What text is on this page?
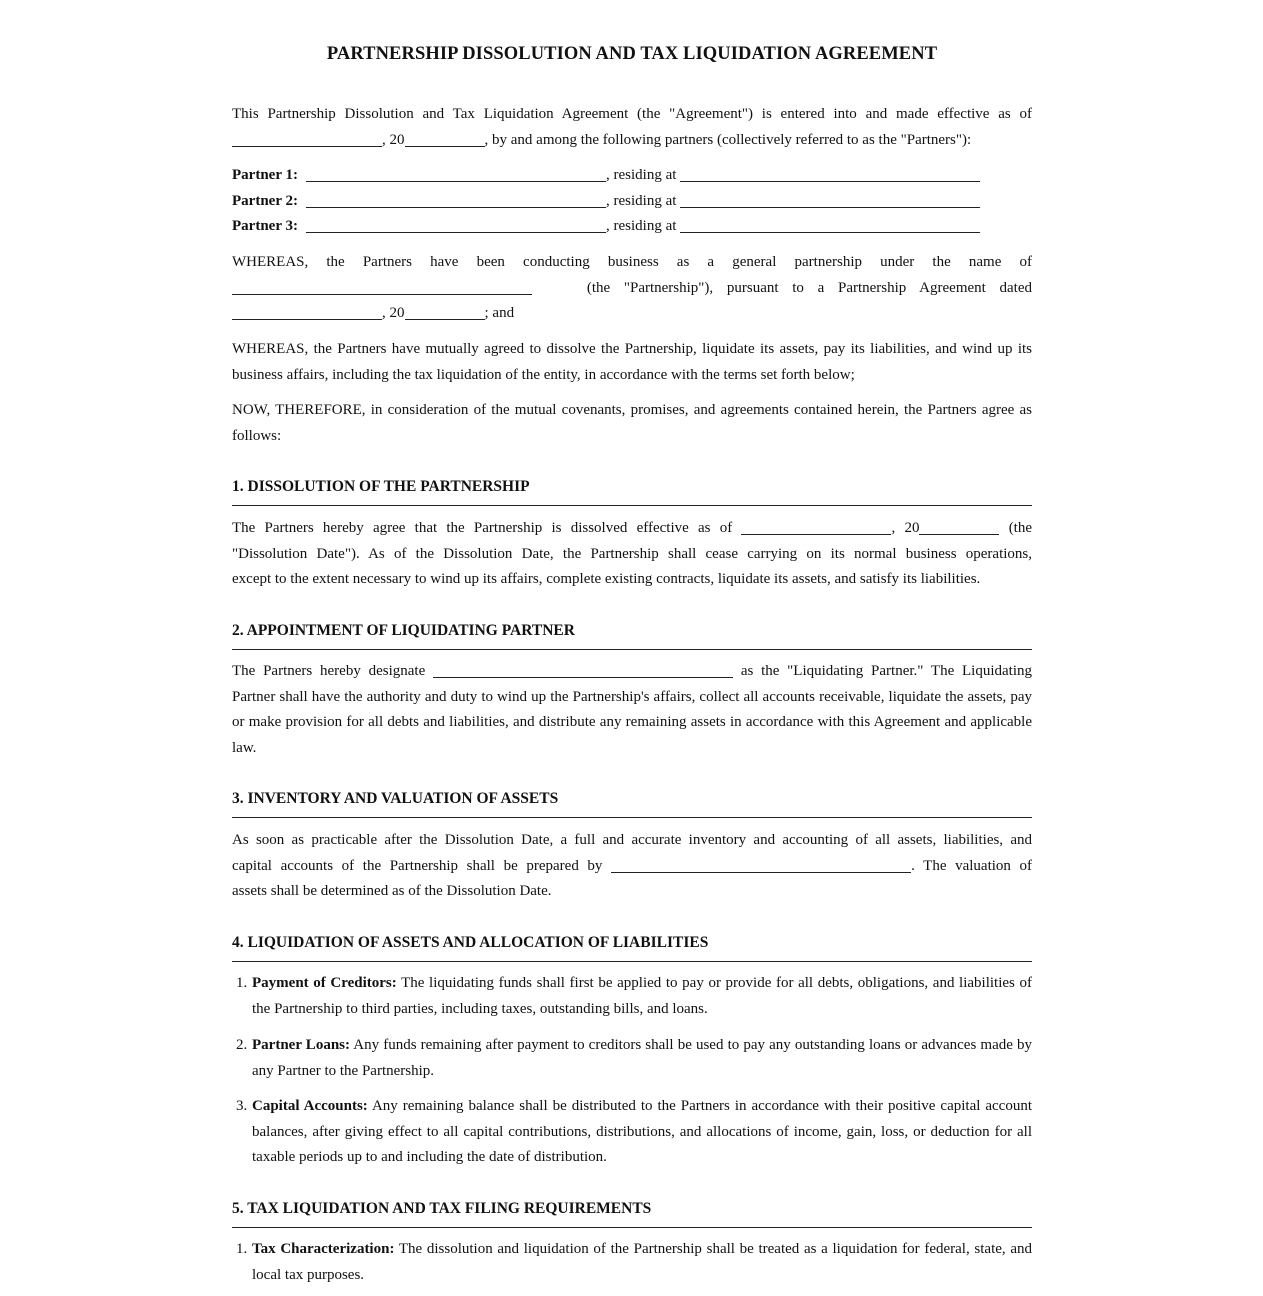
PARTNERSHIP DISSOLUTION AND TAX LIQUIDATION AGREEMENT
This Partnership Dissolution and Tax Liquidation Agreement (the "Agreement") is entered into and made effective as of
, 20	, by and among the following partners (collectively referred to as the "Partners"):
Partner 1:	, residing at
Partner 2:	, residing at
Partner 3:	, residing at
WHEREAS, the Partners have been conducting business as a general partnership under the name of
(the "Partnership"), pursuant to a Partnership Agreement dated
, 20	; and
WHEREAS, the Partners have mutually agreed to dissolve the Partnership, liquidate its assets, pay its liabilities, and wind up its business affairs, including the tax liquidation of the entity, in accordance with the terms set forth below;
NOW, THEREFORE, in consideration of the mutual covenants, promises, and agreements contained herein, the Partners agree as follows:
1. DISSOLUTION OF THE PARTNERSHIP
The Partners hereby agree that the Partnership is dissolved effective as of	, 20	(the
"Dissolution Date"). As of the Dissolution Date, the Partnership shall cease carrying on its normal business operations,
except to the extent necessary to wind up its affairs, complete existing contracts, liquidate its assets, and satisfy its liabilities.
2. APPOINTMENT OF LIQUIDATING PARTNER
The Partners hereby designate	as the "Liquidating Partner." The Liquidating
Partner shall have the authority and duty to wind up the Partnership's affairs, collect all accounts receivable, liquidate the assets, pay or make provision for all debts and liabilities, and distribute any remaining assets in accordance with this Agreement and applicable law.
3. INVENTORY AND VALUATION OF ASSETS
As soon as practicable after the Dissolution Date, a full and accurate inventory and accounting of all assets, liabilities, and
capital accounts of the Partnership shall be prepared by	. The valuation of
assets shall be determined as of the Dissolution Date.
4. LIQUIDATION OF ASSETS AND ALLOCATION OF LIABILITIES
1. Payment of Creditors: The liquidating funds shall first be applied to pay or provide for all debts, obligations, and liabilities of the Partnership to third parties, including taxes, outstanding bills, and loans.
2. Partner Loans: Any funds remaining after payment to creditors shall be used to pay any outstanding loans or advances made by any Partner to the Partnership.
3. Capital Accounts: Any remaining balance shall be distributed to the Partners in accordance with their positive capital account balances, after giving effect to all capital contributions, distributions, and allocations of income, gain, loss, or deduction for all taxable periods up to and including the date of distribution.
5. TAX LIQUIDATION AND TAX FILING REQUIREMENTS
1. Tax Characterization: The dissolution and liquidation of the Partnership shall be treated as a liquidation for federal, state, and local tax purposes.
